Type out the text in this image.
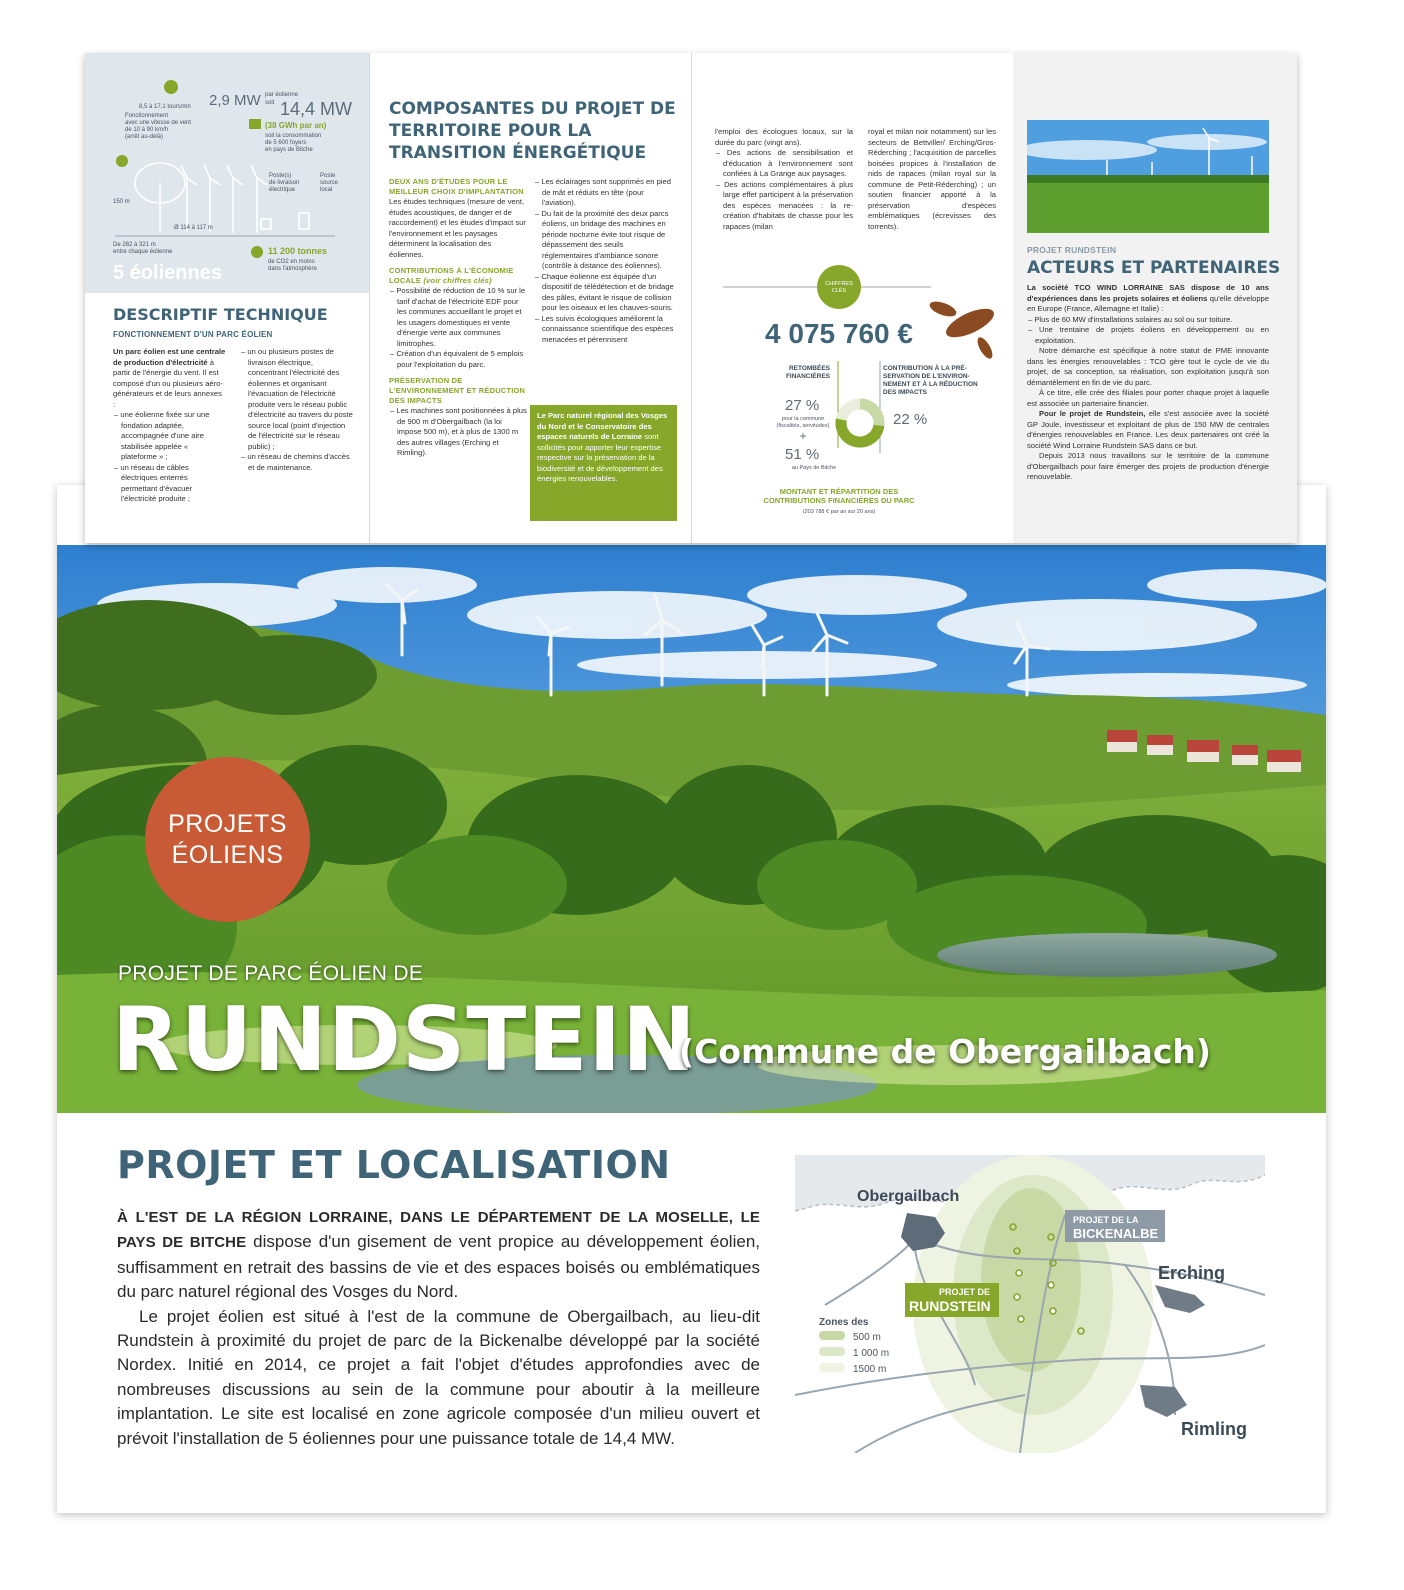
PROJETS
ÉOLIENS
PROJET DE PARC ÉOLIEN DE
RUNDSTEIN
(Commune de Obergailbach)
PROJET ET LOCALISATION

À L'EST DE LA RÉGION LORRAINE, DANS LE DÉPARTEMENT DE LA MOSELLE, LE PAYS DE BITCHE dispose d'un gisement de vent propice au développement éolien, suffisamment en retrait des bassins de vie et des espaces boisés ou emblématiques du parc naturel régional des Vosges du Nord.

Le projet éolien est situé à l'est de la commune de Obergailbach, au lieu-dit Rundstein à proximité du projet de parc de la Bickenalbe développé par la société Nordex. Initié en 2014, ce projet a fait l'objet d'études approfondies avec de nombreuses discussions au sein de la commune pour aboutir à la meilleure implantation. Le site est localisé en zone agricole composée d'un milieu ouvert et prévoit l'installation de 5 éoliennes pour une puissance totale de 14,4 MW.

Obergailbach
Erching
Rimling
PROJET DE LA
BICKENALBE
PROJET DE
RUNDSTEIN
Zones des
500 m
1 000 m
1500 m
8,5 à 17,1 tours/mn
Fonctionnement
avec une vitesse de vent
de 10 à 90 km/h
(arrêt au-delà)
2,9 MW par éolienne
soit 14,4 MW
(38 GWh par an)
soit la consommation
de 5 600 foyers
en pays de Bitche
150 m
Ø 114 à 117 m
Poste(s)
de livraison
électrique
Poste
source
local
De 282 à 321 m
entre chaque éolienne	11 200 tonnes
de CO2 en moins
dans l'atmosphère
5 éoliennes
DESCRIPTIF TECHNIQUE
FONCTIONNEMENT D'UN PARC ÉOLIEN

Un parc éolien est une centrale de production d'électricité à partir de l'énergie du vent. Il est composé d'un ou plusieurs aéro-générateurs et de leurs annexes :

– une éolienne fixée sur une fondation adaptée, accompagnée d'une aire stabilisée appelée « plateforme » ;
– un réseau de câbles électriques enterrés permettant d'évacuer l'électricité produite ;
– un ou plusieurs postes de livraison électrique, concentrant l'électricité des éoliennes et organisant l'évacuation de l'électricité produite vers le réseau public d'électricité au travers du poste source local (point d'injection de l'électricité sur le réseau public) ;
– un réseau de chemins d'accès et de maintenance.
COMPOSANTES DU PROJET DE TERRITOIRE POUR LA TRANSITION ÉNERGÉTIQUE
DEUX ANS D'ÉTUDES POUR LE MEILLEUR CHOIX D'IMPLANTATION
Les études techniques (mesure de vent, études acoustiques, de danger et de raccordement) et les études d'impact sur l'environnement et les paysages déterminent la localisation des éoliennes.
CONTRIBUTIONS À L'ÉCONOMIE LOCALE (voir chiffres clés)
– Possibilité de réduction de 10 % sur le tarif d'achat de l'électricité EDF pour les communes accueillant le projet et les usagers domestiques et vente d'énergie verte aux communes limitrophes.
– Création d'un équivalent de 5 emplois pour l'exploitation du parc.
PRÉSERVATION DE L'ENVIRONNEMENT ET RÉDUCTION DES IMPACTS
– Les machines sont positionnées à plus de 900 m d'Obergailbach (la loi impose 500 m), et à plus de 1300 m des autres villages (Erching et Rimling).
– Les éclairages sont supprimés en pied de mât et réduits en tête (pour l'aviation).
– Du fait de la proximité des deux parcs éoliens, un bridage des machines en période nocturne évite tout risque de dépassement des seuils réglementaires d'ambiance sonore (contrôle à distance des éoliennes).
– Chaque éolienne est équipée d'un dispositif de télédétection et de bridage des pâles, évitant le risque de collision pour les oiseaux et les chauves-souris.
– Les suivis écologiques améliorent la connaissance scientifique des espèces menacées et pérennisent
Le Parc naturel régional des Vosges du Nord et le Conservatoire des espaces naturels de Lorraine sont sollicités pour apporter leur expertise respective sur la préservation de la biodiversité et de développement des énergies renouvelables.
l'emploi des écologues locaux, sur la durée du parc (vingt ans).
– Des actions de sensibilisation et d'éducation à l'environnement sont confiées à La Grange aux paysages.
– Des actions complémentaires à plus large effet participent à la préservation des espèces menacées : la re-création d'habitats de chasse pour les rapaces (milan
royal et milan noir notamment) sur les secteurs de Bettviller/ Erching/Gros-Réderching ; l'acquisition de parcelles boisées propices à l'installation de nids de rapaces (milan royal sur la commune de Petit-Réderching) ; un soutien financier apporté à la préservation d'espèces emblématiques (écrevisses des torrents).
CHIFFRES
CLÉS
4 075 760 €
RETOMBÉES
FINANCIÈRES
CONTRIBUTION À LA PRÉ-
SERVATION DE L'ENVIRON-
NEMENT ET À LA RÉDUCTION
DES IMPACTS
27 %
pour la commune
(fiscalités, servitudes)
+
51 %
au Pays de Bitche
22 %
MONTANT ET RÉPARTITION DES
CONTRIBUTIONS FINANCIÈRES DU PARC
(203 788 € par an sur 20 ans)
PROJET RUNDSTEIN
ACTEURS ET PARTENAIRES

La société TCO WIND LORRAINE SAS dispose de 10 ans d'expériences dans les projets solaires et éoliens qu'elle développe en Europe (France, Allemagne et Italie) :

– Plus de 60 MW d'installations solaires au sol ou sur toiture.
– Une trentaine de projets éoliens en développement ou en exploitation.

Notre démarche est spécifique à notre statut de PME innovante dans les énergies renouvelables : TCO gère tout le cycle de vie du projet, de sa conception, sa réalisation, son exploitation jusqu'à son démantèlement en fin de vie du parc.

À ce titre, elle crée des filiales pour porter chaque projet à laquelle est associée un partenaire financier.

Pour le projet de Rundstein, elle s'est associée avec la société GP Joule, investisseur et exploitant de plus de 150 MW de centrales d'énergies renouvelables en France. Les deux partenaires ont créé la société Wind Lorraine Rundstein SAS dans ce but.

Depuis 2013 nous travaillons sur le territoire de la commune d'Obergailbach pour faire émerger des projets de production d'énergie renouvelable.
